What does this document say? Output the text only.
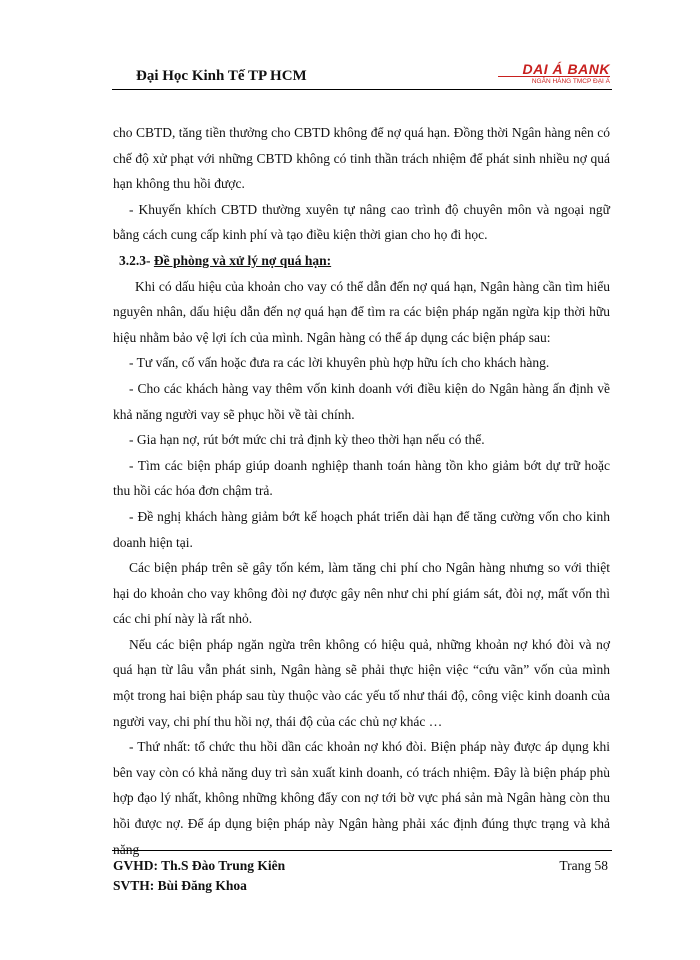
Đại Học Kinh Tế TP HCM	DAI Á BANK
NGÂN HÀNG TMCP ĐẠI Á

cho CBTD, tăng tiền thưởng cho CBTD không để nợ quá hạn. Đồng thời Ngân hàng nên có chế độ xử phạt với những CBTD không có tinh thần trách nhiệm để phát sinh nhiều nợ quá hạn không thu hồi được.

- Khuyến khích CBTD thường xuyên tự nâng cao trình độ chuyên môn và ngoại ngữ bằng cách cung cấp kinh phí và tạo điều kiện thời gian cho họ đi học.

3.2.3- Đề phòng và xử lý nợ quá hạn:

Khi có dấu hiệu của khoản cho vay có thể dẫn đến nợ quá hạn, Ngân hàng cần tìm hiểu nguyên nhân, dấu hiệu dẫn đến nợ quá hạn để tìm ra các biện pháp ngăn ngừa kịp thời hữu hiệu nhằm bảo vệ lợi ích của mình. Ngân hàng có thể áp dụng các biện pháp sau:

- Tư vấn, cố vấn hoặc đưa ra các lời khuyên phù hợp hữu ích cho khách hàng.

- Cho các khách hàng vay thêm vốn kinh doanh với điều kiện do Ngân hàng ấn định về khả năng người vay sẽ phục hồi về tài chính.

- Gia hạn nợ, rút bớt mức chi trả định kỳ theo thời hạn nếu có thể.

- Tìm các biện pháp giúp doanh nghiệp thanh toán hàng tồn kho giảm bớt dự trữ hoặc thu hồi các hóa đơn chậm trả.

- Đề nghị khách hàng giảm bớt kế hoạch phát triển dài hạn để tăng cường vốn cho kinh doanh hiện tại.

Các biện pháp trên sẽ gây tốn kém, làm tăng chi phí cho Ngân hàng nhưng so với thiệt hại do khoản cho vay không đòi nợ được gây nên như chi phí giám sát, đòi nợ, mất vốn thì các chi phí này là rất nhỏ.

Nếu các biện pháp ngăn ngừa trên không có hiệu quả, những khoản nợ khó đòi và nợ quá hạn từ lâu vẫn phát sinh, Ngân hàng sẽ phải thực hiện việc “cứu vãn” vốn của mình một trong hai biện pháp sau tùy thuộc vào các yếu tố như thái độ, công việc kinh doanh của người vay, chi phí thu hồi nợ, thái độ của các chủ nợ khác …

- Thứ nhất: tổ chức thu hồi dần các khoản nợ khó đòi. Biện pháp này được áp dụng khi bên vay còn có khả năng duy trì sản xuất kinh doanh, có trách nhiệm. Đây là biện pháp phù hợp đạo lý nhất, không những không đẩy con nợ tới bờ vực phá sản mà Ngân hàng còn thu hồi được nợ. Để áp dụng biện pháp này Ngân hàng phải xác định đúng thực trạng và khả năng

GVHD: Th.S Đào Trung Kiên
SVTH: Bùi Đăng Khoa
Trang 58
